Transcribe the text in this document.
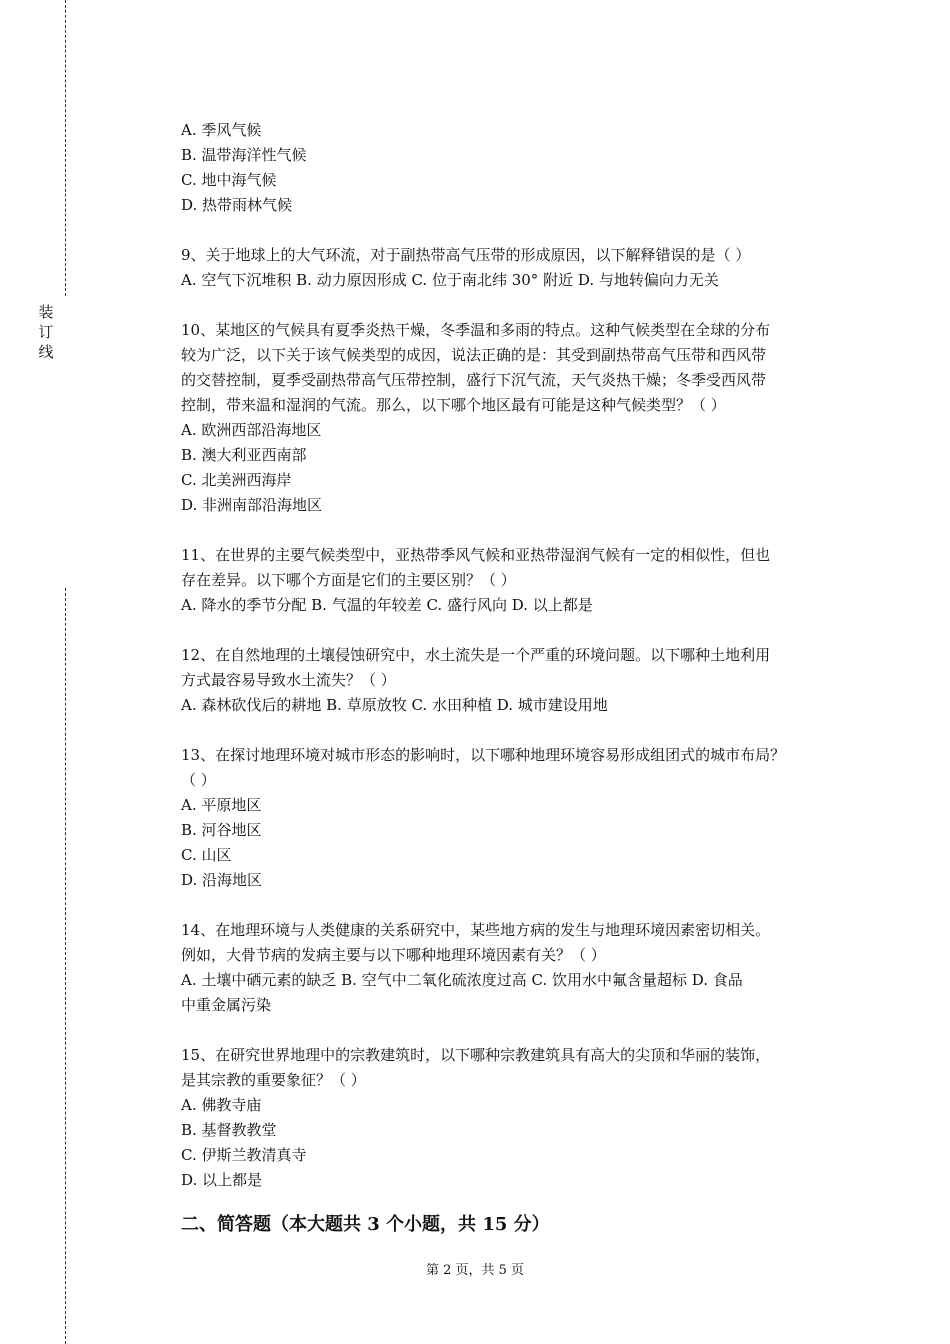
装订线
A. 季风气候
B. 温带海洋性气候
C. 地中海气候
D. 热带雨林气候
9、关于地球上的大气环流，对于副热带高气压带的形成原因，以下解释错误的是（ ）
A. 空气下沉堆积 B. 动力原因形成 C. 位于南北纬 30° 附近 D. 与地转偏向力无关
10、某地区的气候具有夏季炎热干燥，冬季温和多雨的特点。这种气候类型在全球的分布
较为广泛，以下关于该气候类型的成因，说法正确的是：其受到副热带高气压带和西风带
的交替控制，夏季受副热带高气压带控制，盛行下沉气流，天气炎热干燥；冬季受西风带
控制，带来温和湿润的气流。那么，以下哪个地区最有可能是这种气候类型？（ ）
A. 欧洲西部沿海地区
B. 澳大利亚西南部
C. 北美洲西海岸
D. 非洲南部沿海地区
11、在世界的主要气候类型中，亚热带季风气候和亚热带湿润气候有一定的相似性，但也
存在差异。以下哪个方面是它们的主要区别？（ ）
A. 降水的季节分配 B. 气温的年较差 C. 盛行风向 D. 以上都是
12、在自然地理的土壤侵蚀研究中，水土流失是一个严重的环境问题。以下哪种土地利用
方式最容易导致水土流失？（ ）
A. 森林砍伐后的耕地 B. 草原放牧 C. 水田种植 D. 城市建设用地
13、在探讨地理环境对城市形态的影响时，以下哪种地理环境容易形成组团式的城市布局？
（ ）
A. 平原地区
B. 河谷地区
C. 山区
D. 沿海地区
14、在地理环境与人类健康的关系研究中，某些地方病的发生与地理环境因素密切相关。
例如，大骨节病的发病主要与以下哪种地理环境因素有关？（ ）
A. 土壤中硒元素的缺乏 B. 空气中二氧化硫浓度过高 C. 饮用水中氟含量超标 D. 食品
中重金属污染
15、在研究世界地理中的宗教建筑时，以下哪种宗教建筑具有高大的尖顶和华丽的装饰，
是其宗教的重要象征？（ ）
A. 佛教寺庙
B. 基督教教堂
C. 伊斯兰教清真寺
D. 以上都是
二、简答题（本大题共 3 个小题，共 15 分）
第 2 页，共 5 页
